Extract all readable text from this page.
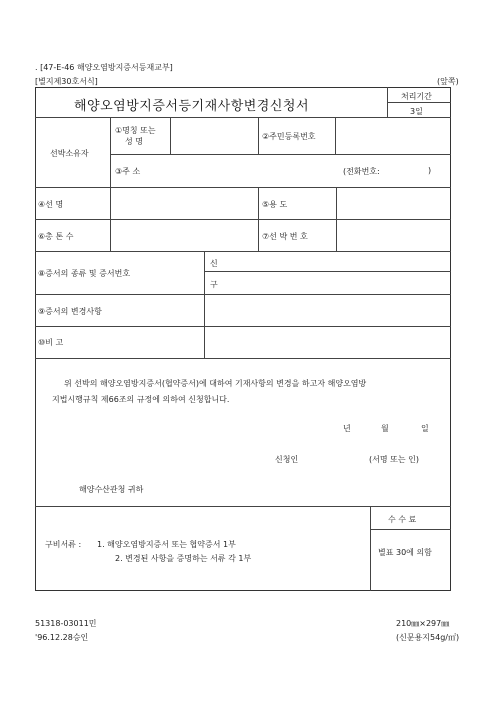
. [47-E-46 해양오염방지증서등재교부]
[별지제30호서식]	(앞쪽)
해양오염방지증서등기재사항변경신청서
처리기간
3일
선박소유자
①명칭 또는
성 명
②주민등록번호
③주 소	(전화번호:	)
④선 명	⑤용 도
⑥총 톤 수	⑦선 박 번 호
⑧증서의 종류 및 증서번호
신
구
⑨증서의 변경사항
⑩비 고
위 선박의 해양오염방지증서(협약증서)에 대하여 기재사항의 변경을 하고자 해양오염방
지법시행규칙 제66조의 규정에 의하여 신청합니다.
년	월	일
신청인	(서명 또는 인)
해양수산관청 귀하
구비서류 : 1. 해양오염방지증서 또는 협약증서 1부
2. 변경된 사항을 증명하는 서류 각 1부
수 수 료
별표 30에 의함
51318-03011민
'96.12.28승인
210㎜×297㎜
(신문용지54g/㎡)
